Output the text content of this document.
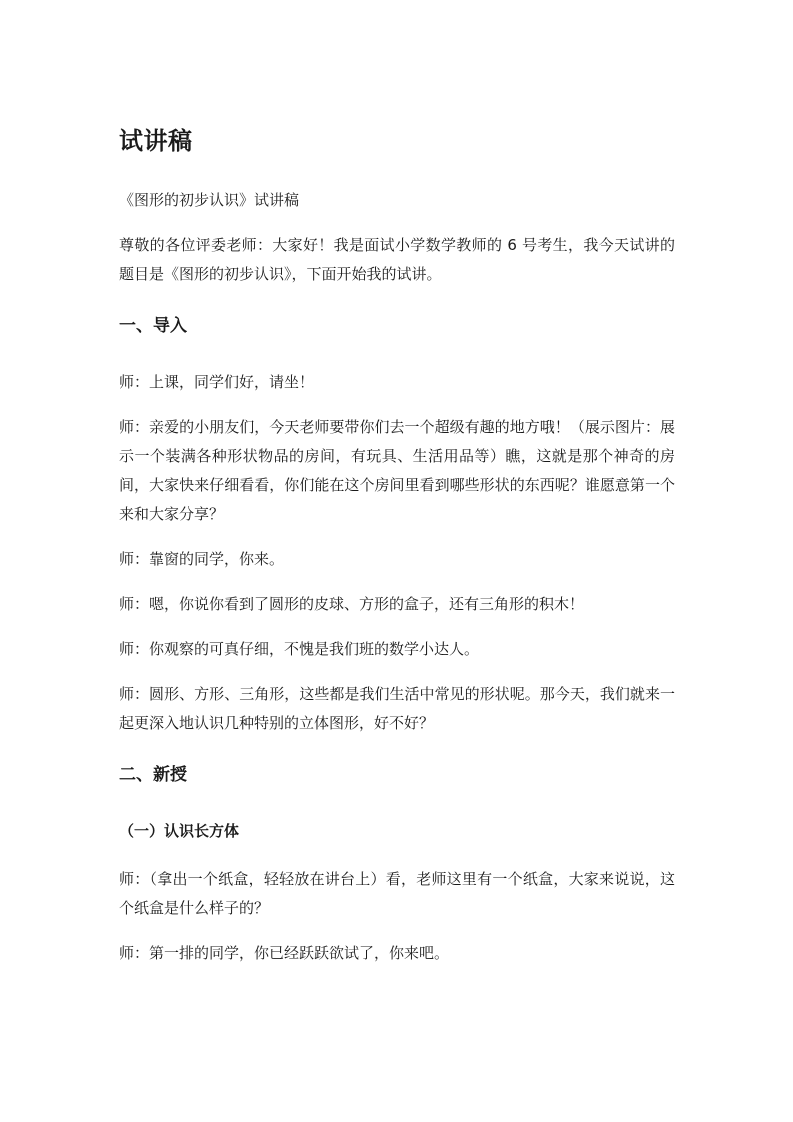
试讲稿
《图形的初步认识》试讲稿
尊敬的各位评委老师：大家好！我是面试小学数学教师的 6 号考生，我今天试讲的题目是《图形的初步认识》，下面开始我的试讲。
一、导入
师：上课，同学们好，请坐！
师：亲爱的小朋友们，今天老师要带你们去一个超级有趣的地方哦！（展示图片：展示一个装满各种形状物品的房间，有玩具、生活用品等）瞧，这就是那个神奇的房间，大家快来仔细看看，你们能在这个房间里看到哪些形状的东西呢？谁愿意第一个来和大家分享？
师：靠窗的同学，你来。
师：嗯，你说你看到了圆形的皮球、方形的盒子，还有三角形的积木！
师：你观察的可真仔细，不愧是我们班的数学小达人。
师：圆形、方形、三角形，这些都是我们生活中常见的形状呢。那今天，我们就来一起更深入地认识几种特别的立体图形，好不好？
二、新授
（一）认识长方体
师：（拿出一个纸盒，轻轻放在讲台上）看，老师这里有一个纸盒，大家来说说，这个纸盒是什么样子的？
师：第一排的同学，你已经跃跃欲试了，你来吧。
